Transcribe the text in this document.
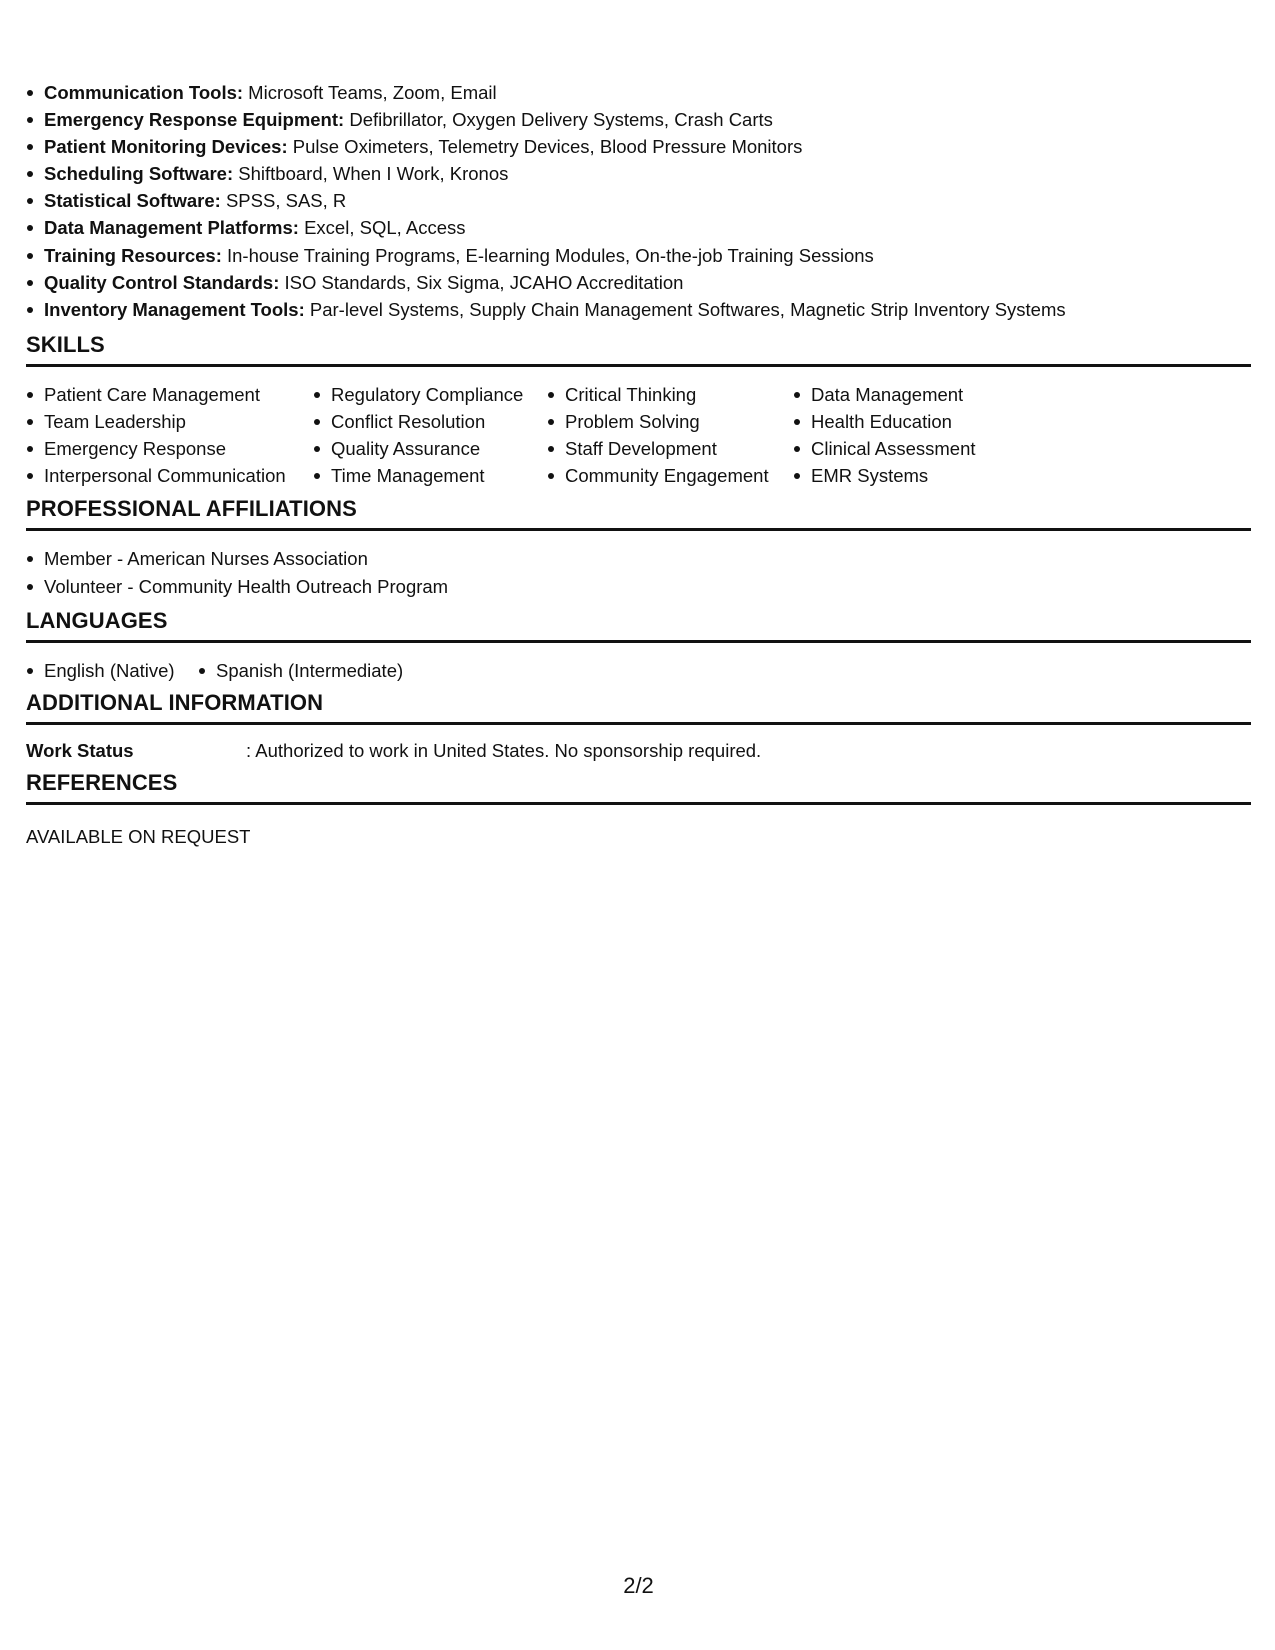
Communication Tools: Microsoft Teams, Zoom, Email
Emergency Response Equipment: Defibrillator, Oxygen Delivery Systems, Crash Carts
Patient Monitoring Devices: Pulse Oximeters, Telemetry Devices, Blood Pressure Monitors
Scheduling Software: Shiftboard, When I Work, Kronos
Statistical Software: SPSS, SAS, R
Data Management Platforms: Excel, SQL, Access
Training Resources: In-house Training Programs, E-learning Modules, On-the-job Training Sessions
Quality Control Standards: ISO Standards, Six Sigma, JCAHO Accreditation
Inventory Management Tools: Par-level Systems, Supply Chain Management Softwares, Magnetic Strip Inventory Systems
SKILLS
Patient Care Management
Team Leadership
Emergency Response
Interpersonal Communication
Regulatory Compliance
Conflict Resolution
Quality Assurance
Time Management
Critical Thinking
Problem Solving
Staff Development
Community Engagement
Data Management
Health Education
Clinical Assessment
EMR Systems
PROFESSIONAL AFFILIATIONS
Member - American Nurses Association
Volunteer - Community Health Outreach Program
LANGUAGES
English (Native)	Spanish (Intermediate)
ADDITIONAL INFORMATION
Work Status	: Authorized to work in United States. No sponsorship required.
REFERENCES
AVAILABLE ON REQUEST
2/2
